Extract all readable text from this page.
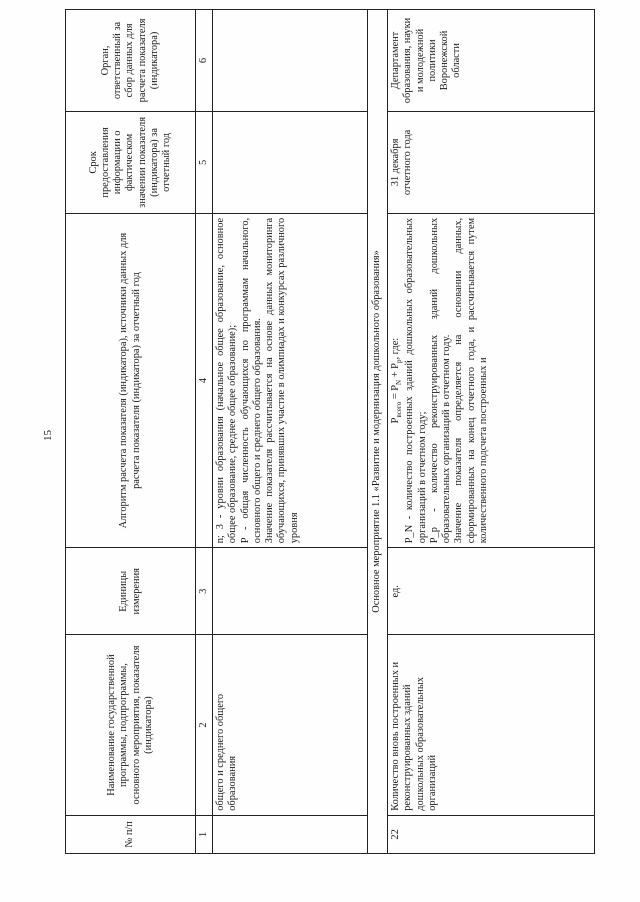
15
№ п/п	Наименование государственной программы, подпрограммы, основного мероприятия, показателя (индикатора)	Единицы измерения	Алгоритм расчета показателя (индикатора), источники данных для расчета показателя (индикатора) за отчетный год	Срок предоставления информации о фактическом значении показателя (индикатора) за отчетный год	Орган, ответственный за сбор данных для расчета показателя (индикатора)
1	2	3	4	5	6
	общего и среднего общего образования		n; 3 - уровни образования (начальное общее образование, основное общее образование, среднее общее образование); P - общая численность обучающихся по программам начального, основного общего и среднего общего образования. Значение показателя рассчитывается на основе данных мониторинга обучающихся, принявших участие в олимпиадах и конкурсах различного уровня		

Основное мероприятие 1.1 «Развитие и модернизация дошкольного образования»					
22	Количество вновь построенных и реконструированных зданий дошкольных образовательных организаций	ед.	$P_{всего} = P_N + P_р$, где: P_N - количество построенных зданий дошкольных образовательных организаций в отчетном году; P_р - количество реконструированных зданий дошкольных образовательных организаций в отчетном году. Значение показателя определяется на основании данных, сформированных на конец отчетного года, и рассчитывается путем количественного подсчета построенных и	31 декабря отчетного года	Департамент образования, науки и молодежной политики Воронежской области
